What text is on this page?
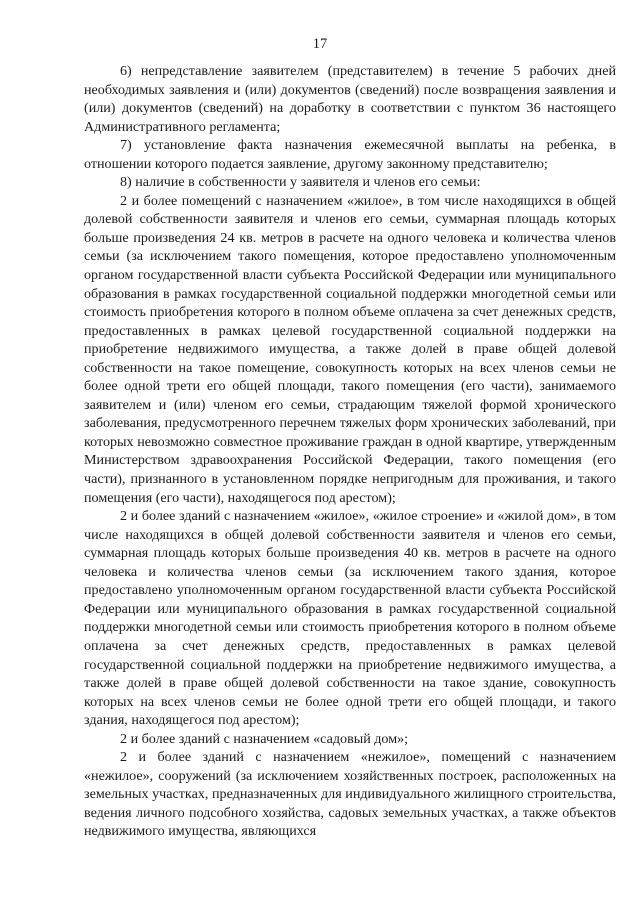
17

6) непредставление заявителем (представителем) в течение 5 рабочих дней необходимых заявления и (или) документов (сведений) после возвращения заявления и (или) документов (сведений) на доработку в соответствии с пунктом 36 настоящего Административного регламента;

7) установление факта назначения ежемесячной выплаты на ребенка, в отношении которого подается заявление, другому законному представителю;

8) наличие в собственности у заявителя и членов его семьи:

2 и более помещений с назначением «жилое», в том числе находящихся в общей долевой собственности заявителя и членов его семьи, суммарная площадь которых больше произведения 24 кв. метров в расчете на одного человека и количества членов семьи (за исключением такого помещения, которое предоставлено уполномоченным органом государственной власти субъекта Российской Федерации или муниципального образования в рамках государственной социальной поддержки многодетной семьи или стоимость приобретения которого в полном объеме оплачена за счет денежных средств, предоставленных в рамках целевой государственной социальной поддержки на приобретение недвижимого имущества, а также долей в праве общей долевой собственности на такое помещение, совокупность которых на всех членов семьи не более одной трети его общей площади, такого помещения (его части), занимаемого заявителем и (или) членом его семьи, страдающим тяжелой формой хронического заболевания, предусмотренного перечнем тяжелых форм хронических заболеваний, при которых невозможно совместное проживание граждан в одной квартире, утвержденным Министерством здравоохранения Российской Федерации, такого помещения (его части), признанного в установленном порядке непригодным для проживания, и такого помещения (его части), находящегося под арестом);

2 и более зданий с назначением «жилое», «жилое строение» и «жилой дом», в том числе находящихся в общей долевой собственности заявителя и членов его семьи, суммарная площадь которых больше произведения 40 кв. метров в расчете на одного человека и количества членов семьи (за исключением такого здания, которое предоставлено уполномоченным органом государственной власти субъекта Российской Федерации или муниципального образования в рамках государственной социальной поддержки многодетной семьи или стоимость приобретения которого в полном объеме оплачена за счет денежных средств, предоставленных в рамках целевой государственной социальной поддержки на приобретение недвижимого имущества, а также долей в праве общей долевой собственности на такое здание, совокупность которых на всех членов семьи не более одной трети его общей площади, и такого здания, находящегося под арестом);

2 и более зданий с назначением «садовый дом»;

2 и более зданий с назначением «нежилое», помещений с назначением «нежилое», сооружений (за исключением хозяйственных построек, расположенных на земельных участках, предназначенных для индивидуального жилищного строительства, ведения личного подсобного хозяйства, садовых земельных участках, а также объектов недвижимого имущества, являющихся
